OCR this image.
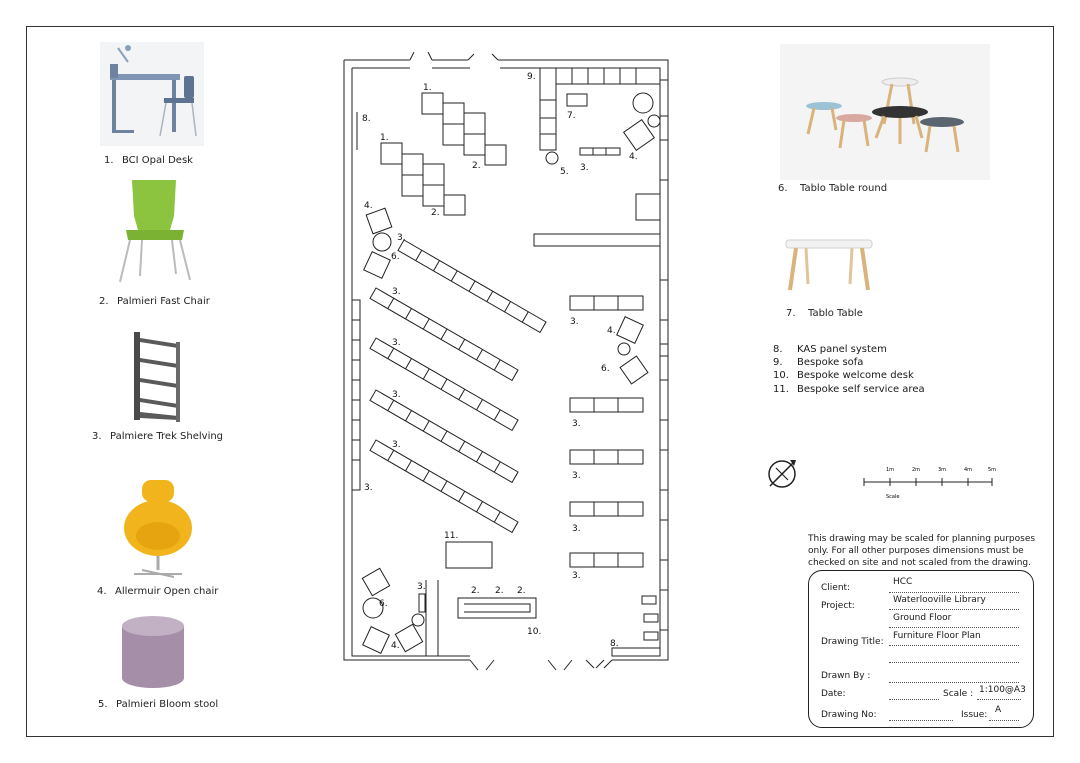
1. BCI Opal Desk
2. Palmieri Fast Chair
3. Palmiere Trek Shelving
4. Allermuir Open chair
5. Palmieri Bloom stool
6. Tablo Table round
7. Tablo Table
8. KAS panel system
9. Bespoke sofa
10. Bespoke welcome desk
11. Bespoke self service area
1m	2m	3m	4m	5m
Scale
This drawing may be scaled for planning purposes only. For all other purposes dimensions must be checked on site and not scaled from the drawing.
Client:
HCC
Project:
Waterlooville Library
Ground Floor
Drawing Title:
Furniture Floor Plan
Drawn By :
Date:	Scale : 1:100@A3
Drawing No:	Issue: A
1.
1.
2.
2.
9.
7.
4.
3.
5.
8.
4.
3.
6.
3.
3.
3.
3.
3.
3.
4.
6.
3.
3.
3.
3.
11.
2. 2. 2.
10.
3.
6.
4.	8.
